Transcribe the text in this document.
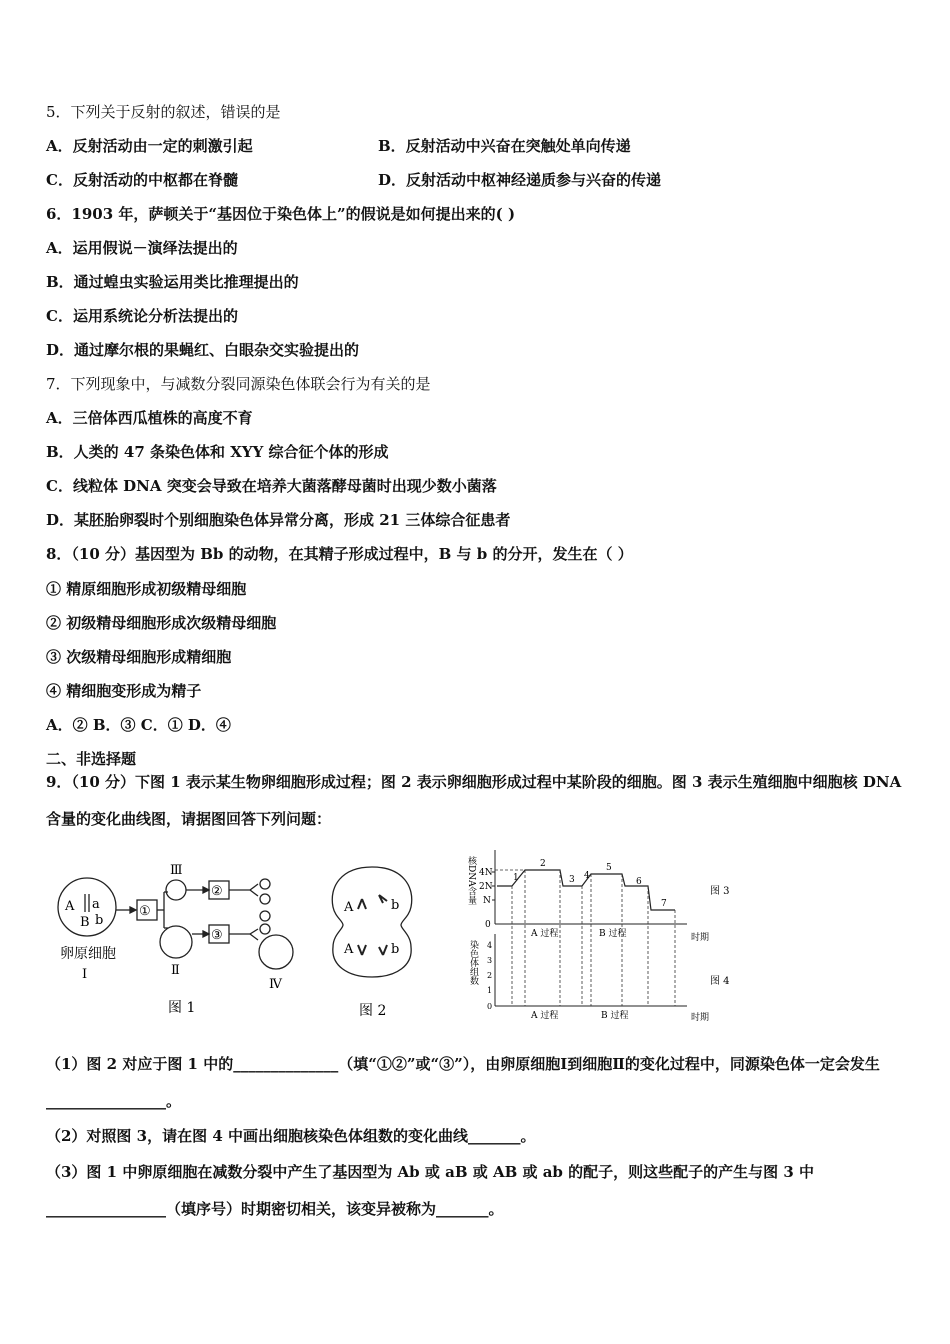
5．下列关于反射的叙述，错误的是
A．反射活动由一定的刺激引起	B．反射活动中兴奋在突触处单向传递
C．反射活动的中枢都在脊髓	D．反射活动中枢神经递质参与兴奋的传递
6．1903 年，萨顿关于“基因位于染色体上”的假说是如何提出来的( )
A．运用假说－演绎法提出的
B．通过蝗虫实验运用类比推理提出的
C．运用系统论分析法提出的
D．通过摩尔根的果蝇红、白眼杂交实验提出的
7．下列现象中，与减数分裂同源染色体联会行为有关的是
A．三倍体西瓜植株的高度不育
B．人类的 47 条染色体和 XYY 综合征个体的形成
C．线粒体 DNA 突变会导致在培养大菌落酵母菌时出现少数小菌落
D．某胚胎卵裂时个别细胞染色体异常分离，形成 21 三体综合征患者
8．（10 分）基因型为 Bb 的动物，在其精子形成过程中，B 与 b 的分开，发生在（ ）
① 精原细胞形成初级精母细胞
② 初级精母细胞形成次级精母细胞
③ 次级精母细胞形成精细胞
④ 精细胞变形成为精子
A．② B．③ C．① D．④
二、非选择题
9．（10 分）下图 1 表示某生物卵细胞形成过程；图 2 表示卵细胞形成过程中某阶段的细胞。图 3 表示生殖细胞中细胞核 DNA 含量的变化曲线图，请据图回答下列问题：
A a
B b
①
②
③
Ⅲ
Ⅱ
Ⅳ
卵原细胞
Ⅰ
图 1
A	b
A	b
图 2
核DNA含量 4N
2N
N
0
1
2
3 4
5
6
7
A 过程	B 过程	时期
图 3
染色体组数 4
3
2
1
0
A 过程	B 过程	时期
图 4
（1）图 2 对应于图 1 中的______________（填“①②”或“③”），由卵原细胞Ⅰ到细胞Ⅱ的变化过程中，同源染色体一定会发生________________。
（2）对照图 3，请在图 4 中画出细胞核染色体组数的变化曲线_______。
（3）图 1 中卵原细胞在减数分裂中产生了基因型为 Ab 或 aB 或 AB 或 ab 的配子，则这些配子的产生与图 3 中________________（填序号）时期密切相关，该变异被称为_______。
